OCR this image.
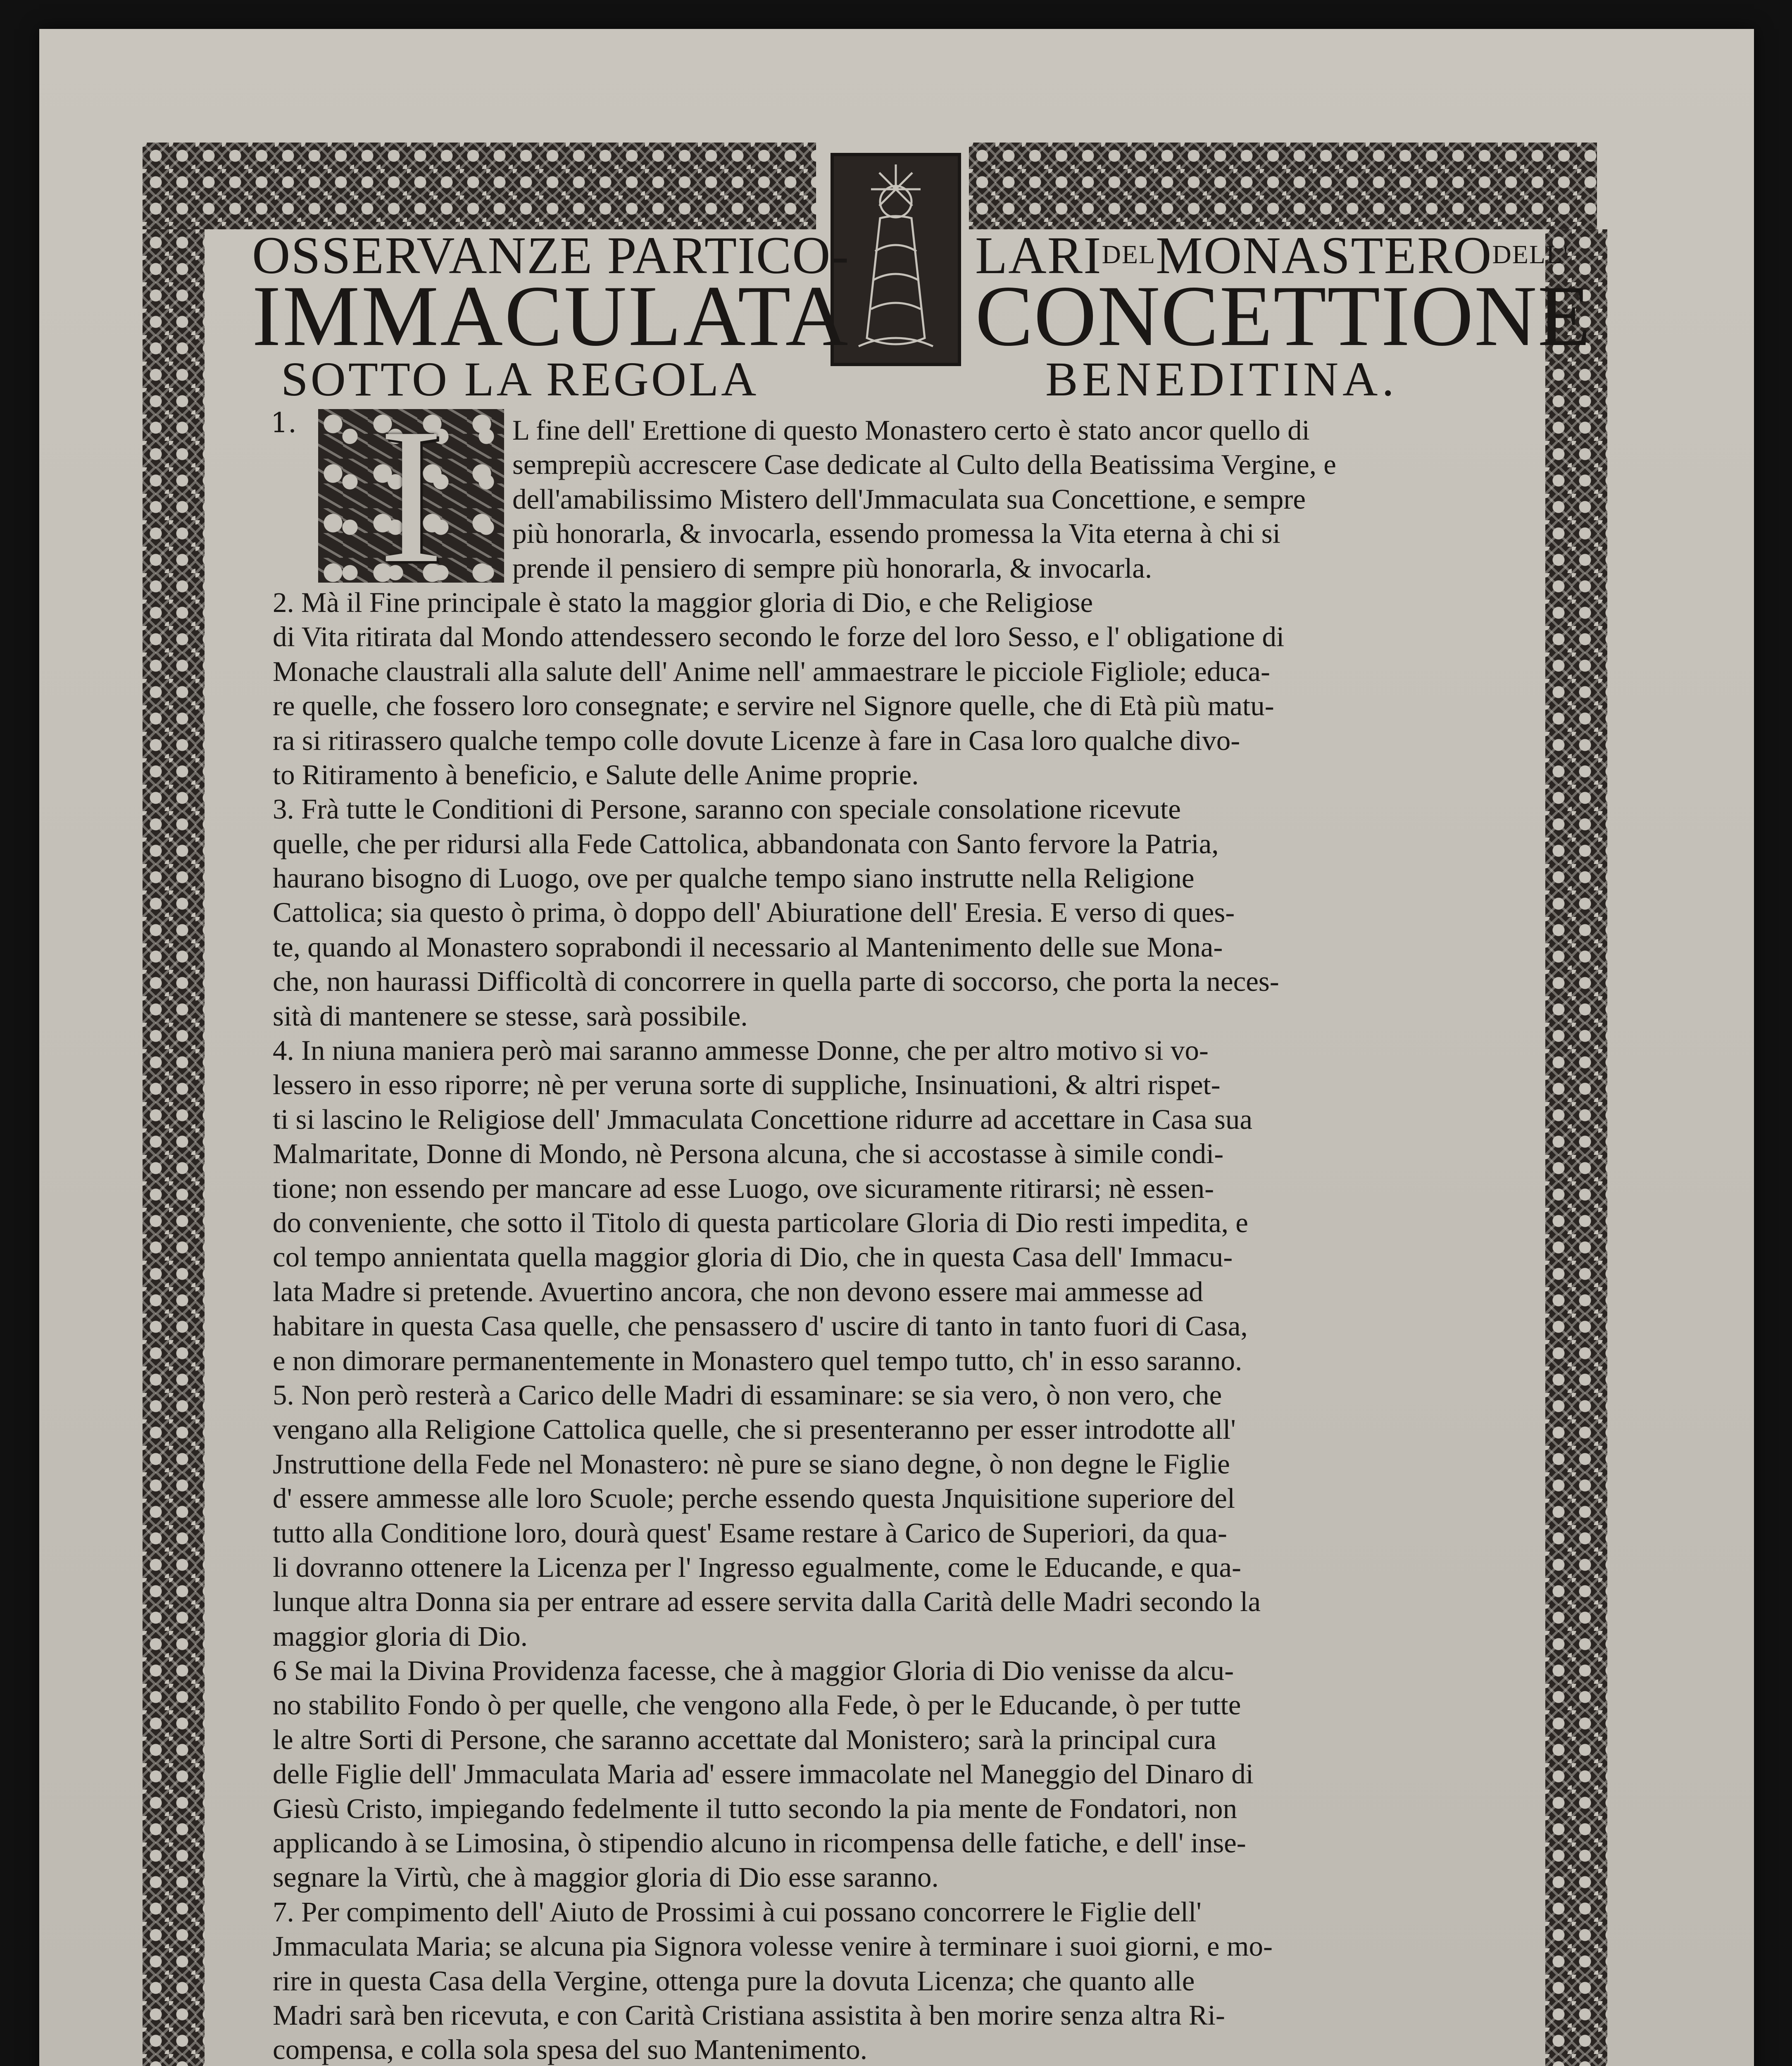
OSSERVANZE PARTICO- LARIDELMONASTERODELL'
IMMACULATA CONCETTIONE
SOTTO LA REGOLA	BENEDITINA.
1. I	L fine dell' Erettione di questo Monastero certo è stato ancor quello di
semprepiù accrescere Case dedicate al Culto della Beatissima Vergine, e
dell'amabilissimo Mistero dell'Jmmaculata sua Concettione, e sempre
più honorarla, & invocarla, essendo promessa la Vita eterna à chi si
prende il pensiero di sempre più honorarla, & invocarla.
2. Mà il Fine principale è stato la maggior gloria di Dio, e che Religiose
di Vita ritirata dal Mondo attendessero secondo le forze del loro Sesso, e l' obligatione di
Monache claustrali alla salute dell' Anime nell' ammaestrare le picciole Figliole; educa-
re quelle, che fossero loro consegnate; e servire nel Signore quelle, che di Età più matu-
ra si ritirassero qualche tempo colle dovute Licenze à fare in Casa loro qualche divo-
to Ritiramento à beneficio, e Salute delle Anime proprie.
3. Frà tutte le Conditioni di Persone, saranno con speciale consolatione ricevute
quelle, che per ridursi alla Fede Cattolica, abbandonata con Santo fervore la Patria,
haurano bisogno di Luogo, ove per qualche tempo siano instrutte nella Religione
Cattolica; sia questo ò prima, ò doppo dell' Abiuratione dell' Eresia. E verso di ques-
te, quando al Monastero soprabondi il necessario al Mantenimento delle sue Mona-
che, non haurassi Difficoltà di concorrere in quella parte di soccorso, che porta la neces-
sità di mantenere se stesse, sarà possibile.
4. In niuna maniera però mai saranno ammesse Donne, che per altro motivo si vo-
lessero in esso riporre; nè per veruna sorte di suppliche, Insinuationi, & altri rispet-
ti si lascino le Religiose dell' Jmmaculata Concettione ridurre ad accettare in Casa sua
Malmaritate, Donne di Mondo, nè Persona alcuna, che si accostasse à simile condi-
tione; non essendo per mancare ad esse Luogo, ove sicuramente ritirarsi; nè essen-
do conveniente, che sotto il Titolo di questa particolare Gloria di Dio resti impedita, e
col tempo annientata quella maggior gloria di Dio, che in questa Casa dell' Immacu-
lata Madre si pretende. Avuertino ancora, che non devono essere mai ammesse ad
habitare in questa Casa quelle, che pensassero d' uscire di tanto in tanto fuori di Casa,
e non dimorare permanentemente in Monastero quel tempo tutto, ch' in esso saranno.
5. Non però resterà a Carico delle Madri di essaminare: se sia vero, ò non vero, che
vengano alla Religione Cattolica quelle, che si presenteranno per esser introdotte all'
Jnstruttione della Fede nel Monastero: nè pure se siano degne, ò non degne le Figlie
d' essere ammesse alle loro Scuole; perche essendo questa Jnquisitione superiore del
tutto alla Conditione loro, dourà quest' Esame restare à Carico de Superiori, da qua-
li dovranno ottenere la Licenza per l' Ingresso egualmente, come le Educande, e qua-
lunque altra Donna sia per entrare ad essere servita dalla Carità delle Madri secondo la
maggior gloria di Dio.
6 Se mai la Divina Providenza facesse, che à maggior Gloria di Dio venisse da alcu-
no stabilito Fondo ò per quelle, che vengono alla Fede, ò per le Educande, ò per tutte
le altre Sorti di Persone, che saranno accettate dal Monistero; sarà la principal cura
delle Figlie dell' Jmmaculata Maria ad' essere immacolate nel Maneggio del Dinaro di
Giesù Cristo, impiegando fedelmente il tutto secondo la pia mente de Fondatori, non
applicando à se Limosina, ò stipendio alcuno in ricompensa delle fatiche, e dell' inse-
segnare la Virtù, che à maggior gloria di Dio esse saranno.
7. Per compimento dell' Aiuto de Prossimi à cui possano concorrere le Figlie dell'
Jmmaculata Maria; se alcuna pia Signora volesse venire à terminare i suoi giorni, e mo-
rire in questa Casa della Vergine, ottenga pure la dovuta Licenza; che quanto alle
Madri sarà ben ricevuta, e con Carità Cristiana assistita à ben morire senza altra Ri-
compensa, e colla sola spesa del suo Mantenimento.
